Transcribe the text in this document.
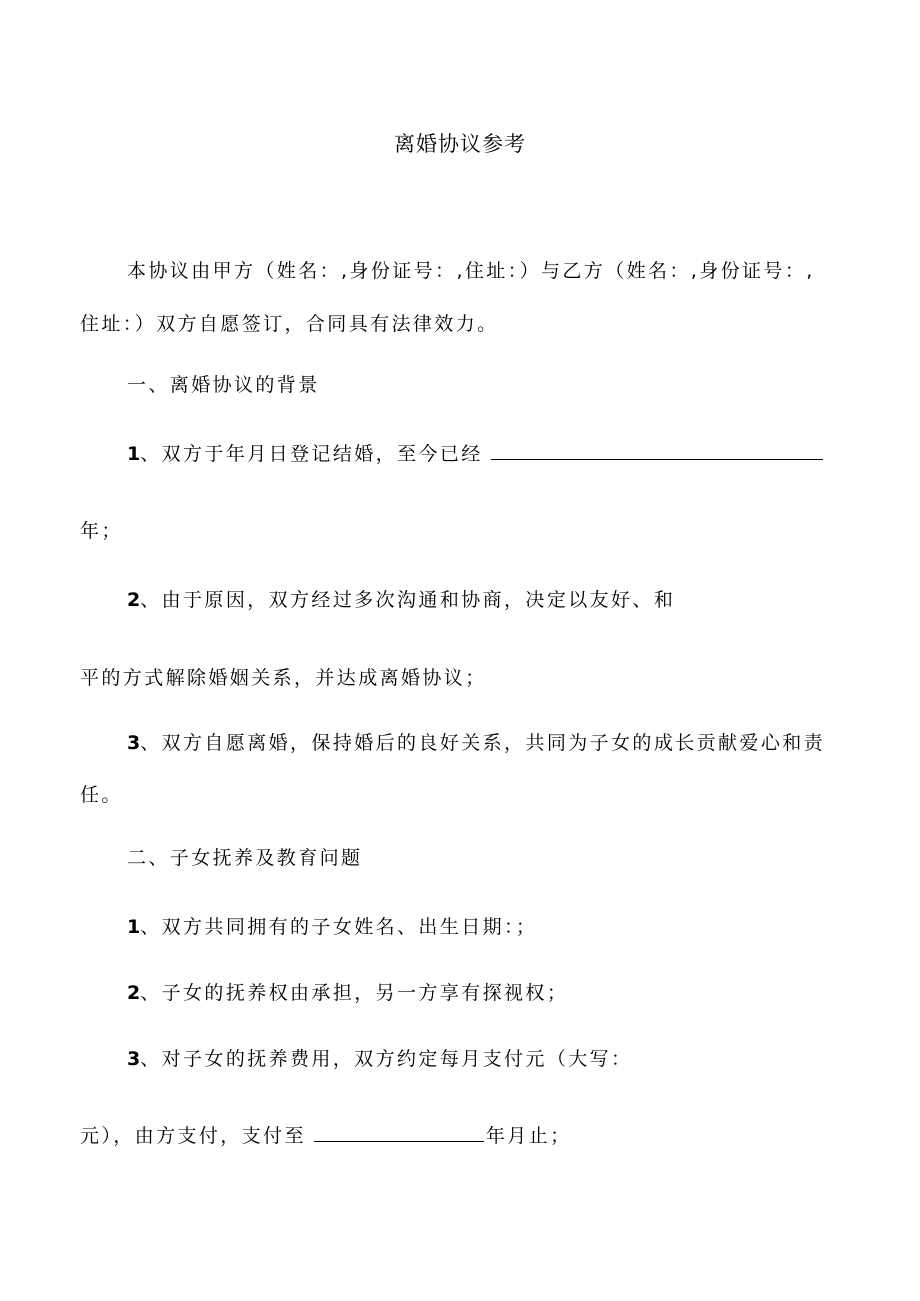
离婚协议参考
本协议由甲方（姓名：,身份证号：,住址：）与乙方（姓名：,身份证号：,
住址：）双方自愿签订，合同具有法律效力。
一、离婚协议的背景
1、双方于年月日登记结婚，至今已经
年；
2、由于原因，双方经过多次沟通和协商，决定以友好、和
平的方式解除婚姻关系，并达成离婚协议；
3、双方自愿离婚，保持婚后的良好关系，共同为子女的成长贡献爱心和责
任。
二、子女抚养及教育问题
1、双方共同拥有的子女姓名、出生日期：；
2、子女的抚养权由承担，另一方享有探视权；
3、对子女的抚养费用，双方约定每月支付元（大写：
元），由方支付，支付至	年月止；
